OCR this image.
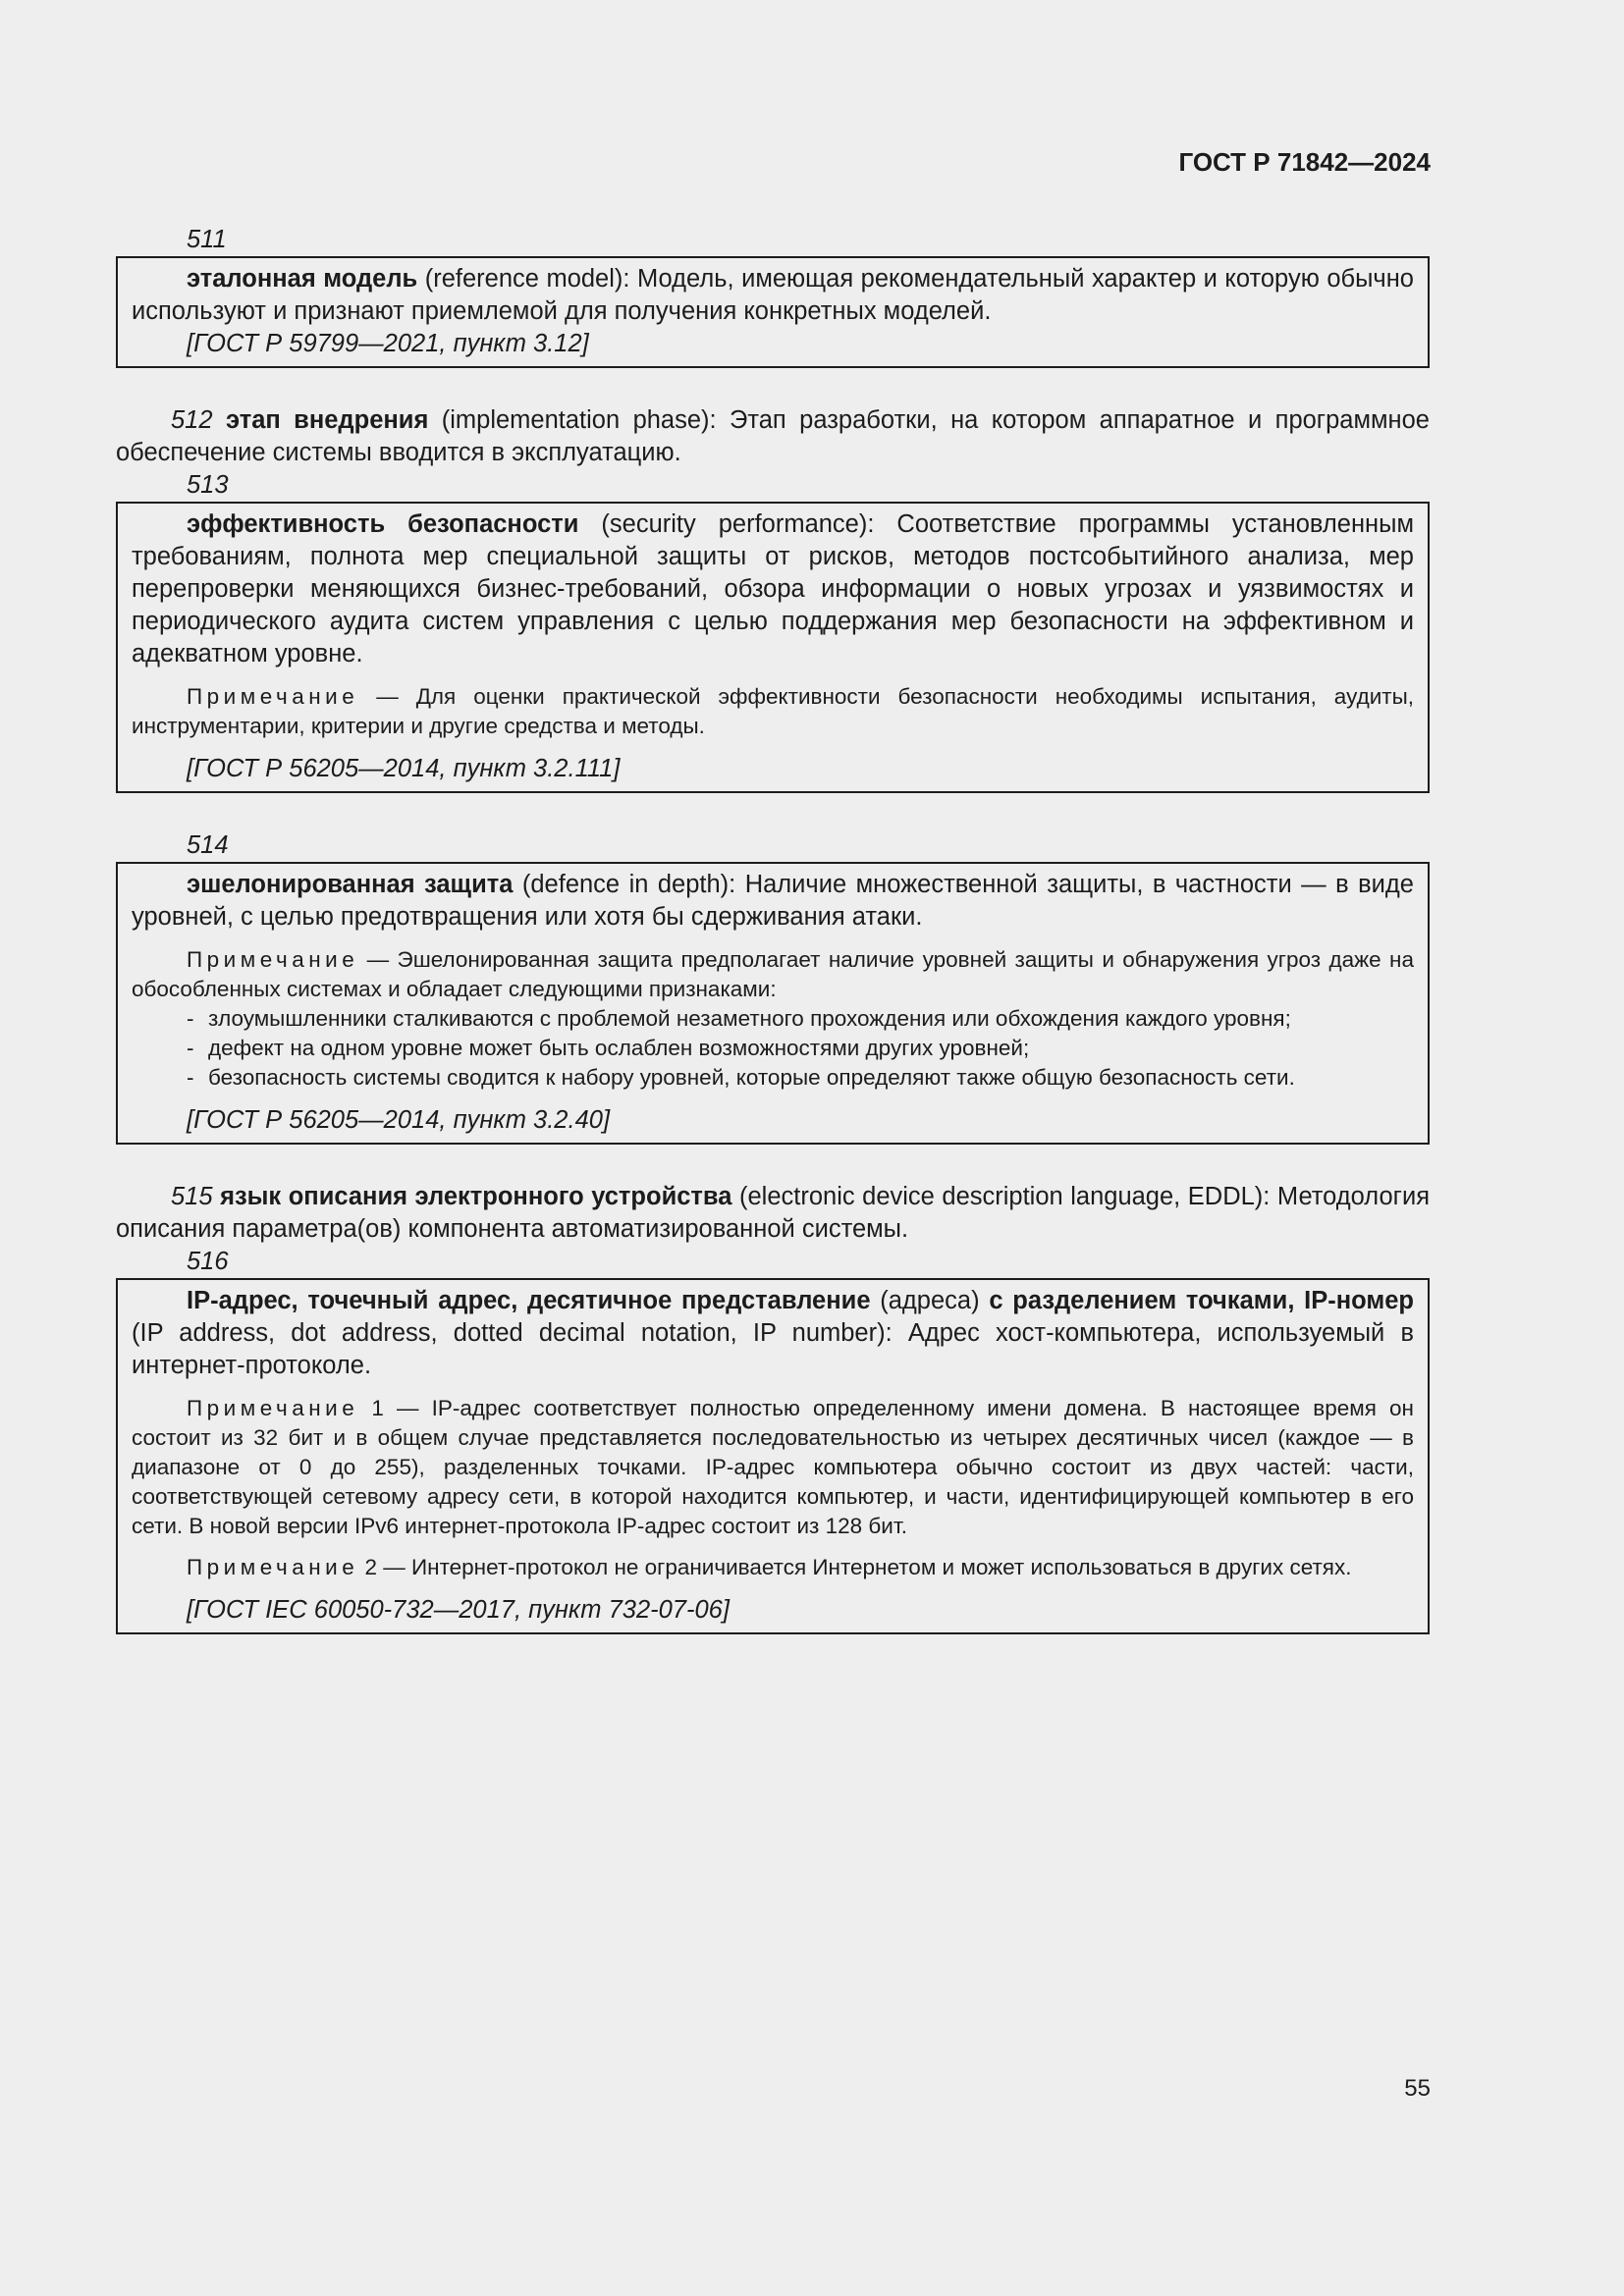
ГОСТ Р 71842—2024
511

эталонная модель (reference model): Модель, имеющая рекомендательный характер и которую обычно используют и признают приемлемой для получения конкретных моделей.

[ГОСТ Р 59799—2021, пункт 3.12]

512 этап внедрения (implementation phase): Этап разработки, на котором аппаратное и программное обеспечение системы вводится в эксплуатацию.

513

эффективность безопасности (security performance): Соответствие программы установленным требованиям, полнота мер специальной защиты от рисков, методов постсобытийного анализа, мер перепроверки меняющихся бизнес-требований, обзора информации о новых угрозах и уязвимостях и периодического аудита систем управления с целью поддержания мер безопасности на эффективном и адекватном уровне.

Примечание — Для оценки практической эффективности безопасности необходимы испытания, аудиты, инструментарии, критерии и другие средства и методы.

[ГОСТ Р 56205—2014, пункт 3.2.111]
514

эшелонированная защита (defence in depth): Наличие множественной защиты, в частности — в виде уровней, с целью предотвращения или хотя бы сдерживания атаки.

Примечание — Эшелонированная защита предполагает наличие уровней защиты и обнаружения угроз даже на обособленных системах и обладает следующими признаками:

- злоумышленники сталкиваются с проблемой незаметного прохождения или обхождения каждого уровня;
- дефект на одном уровне может быть ослаблен возможностями других уровней;
- безопасность системы сводится к набору уровней, которые определяют также общую безопасность сети.
[ГОСТ Р 56205—2014, пункт 3.2.40]

515 язык описания электронного устройства (electronic device description language, EDDL): Методология описания параметра(ов) компонента автоматизированной системы.

516

IP-адрес, точечный адрес, десятичное представление (адреса) с разделением точками, IP-номер (IP address, dot address, dotted decimal notation, IP number): Адрес хост-компьютера, используемый в интернет-протоколе.

Примечание 1 — IP-адрес соответствует полностью определенному имени домена. В настоящее время он состоит из 32 бит и в общем случае представляется последовательностью из четырех десятичных чисел (каждое — в диапазоне от 0 до 255), разделенных точками. IP-адрес компьютера обычно состоит из двух частей: части, соответствующей сетевому адресу сети, в которой находится компьютер, и части, идентифицирующей компьютер в его сети. В новой версии IPv6 интернет-протокола IP-адрес состоит из 128 бит.

Примечание 2 — Интернет-протокол не ограничивается Интернетом и может использоваться в других сетях.

[ГОСТ IEC 60050-732—2017, пункт 732-07-06]
55
